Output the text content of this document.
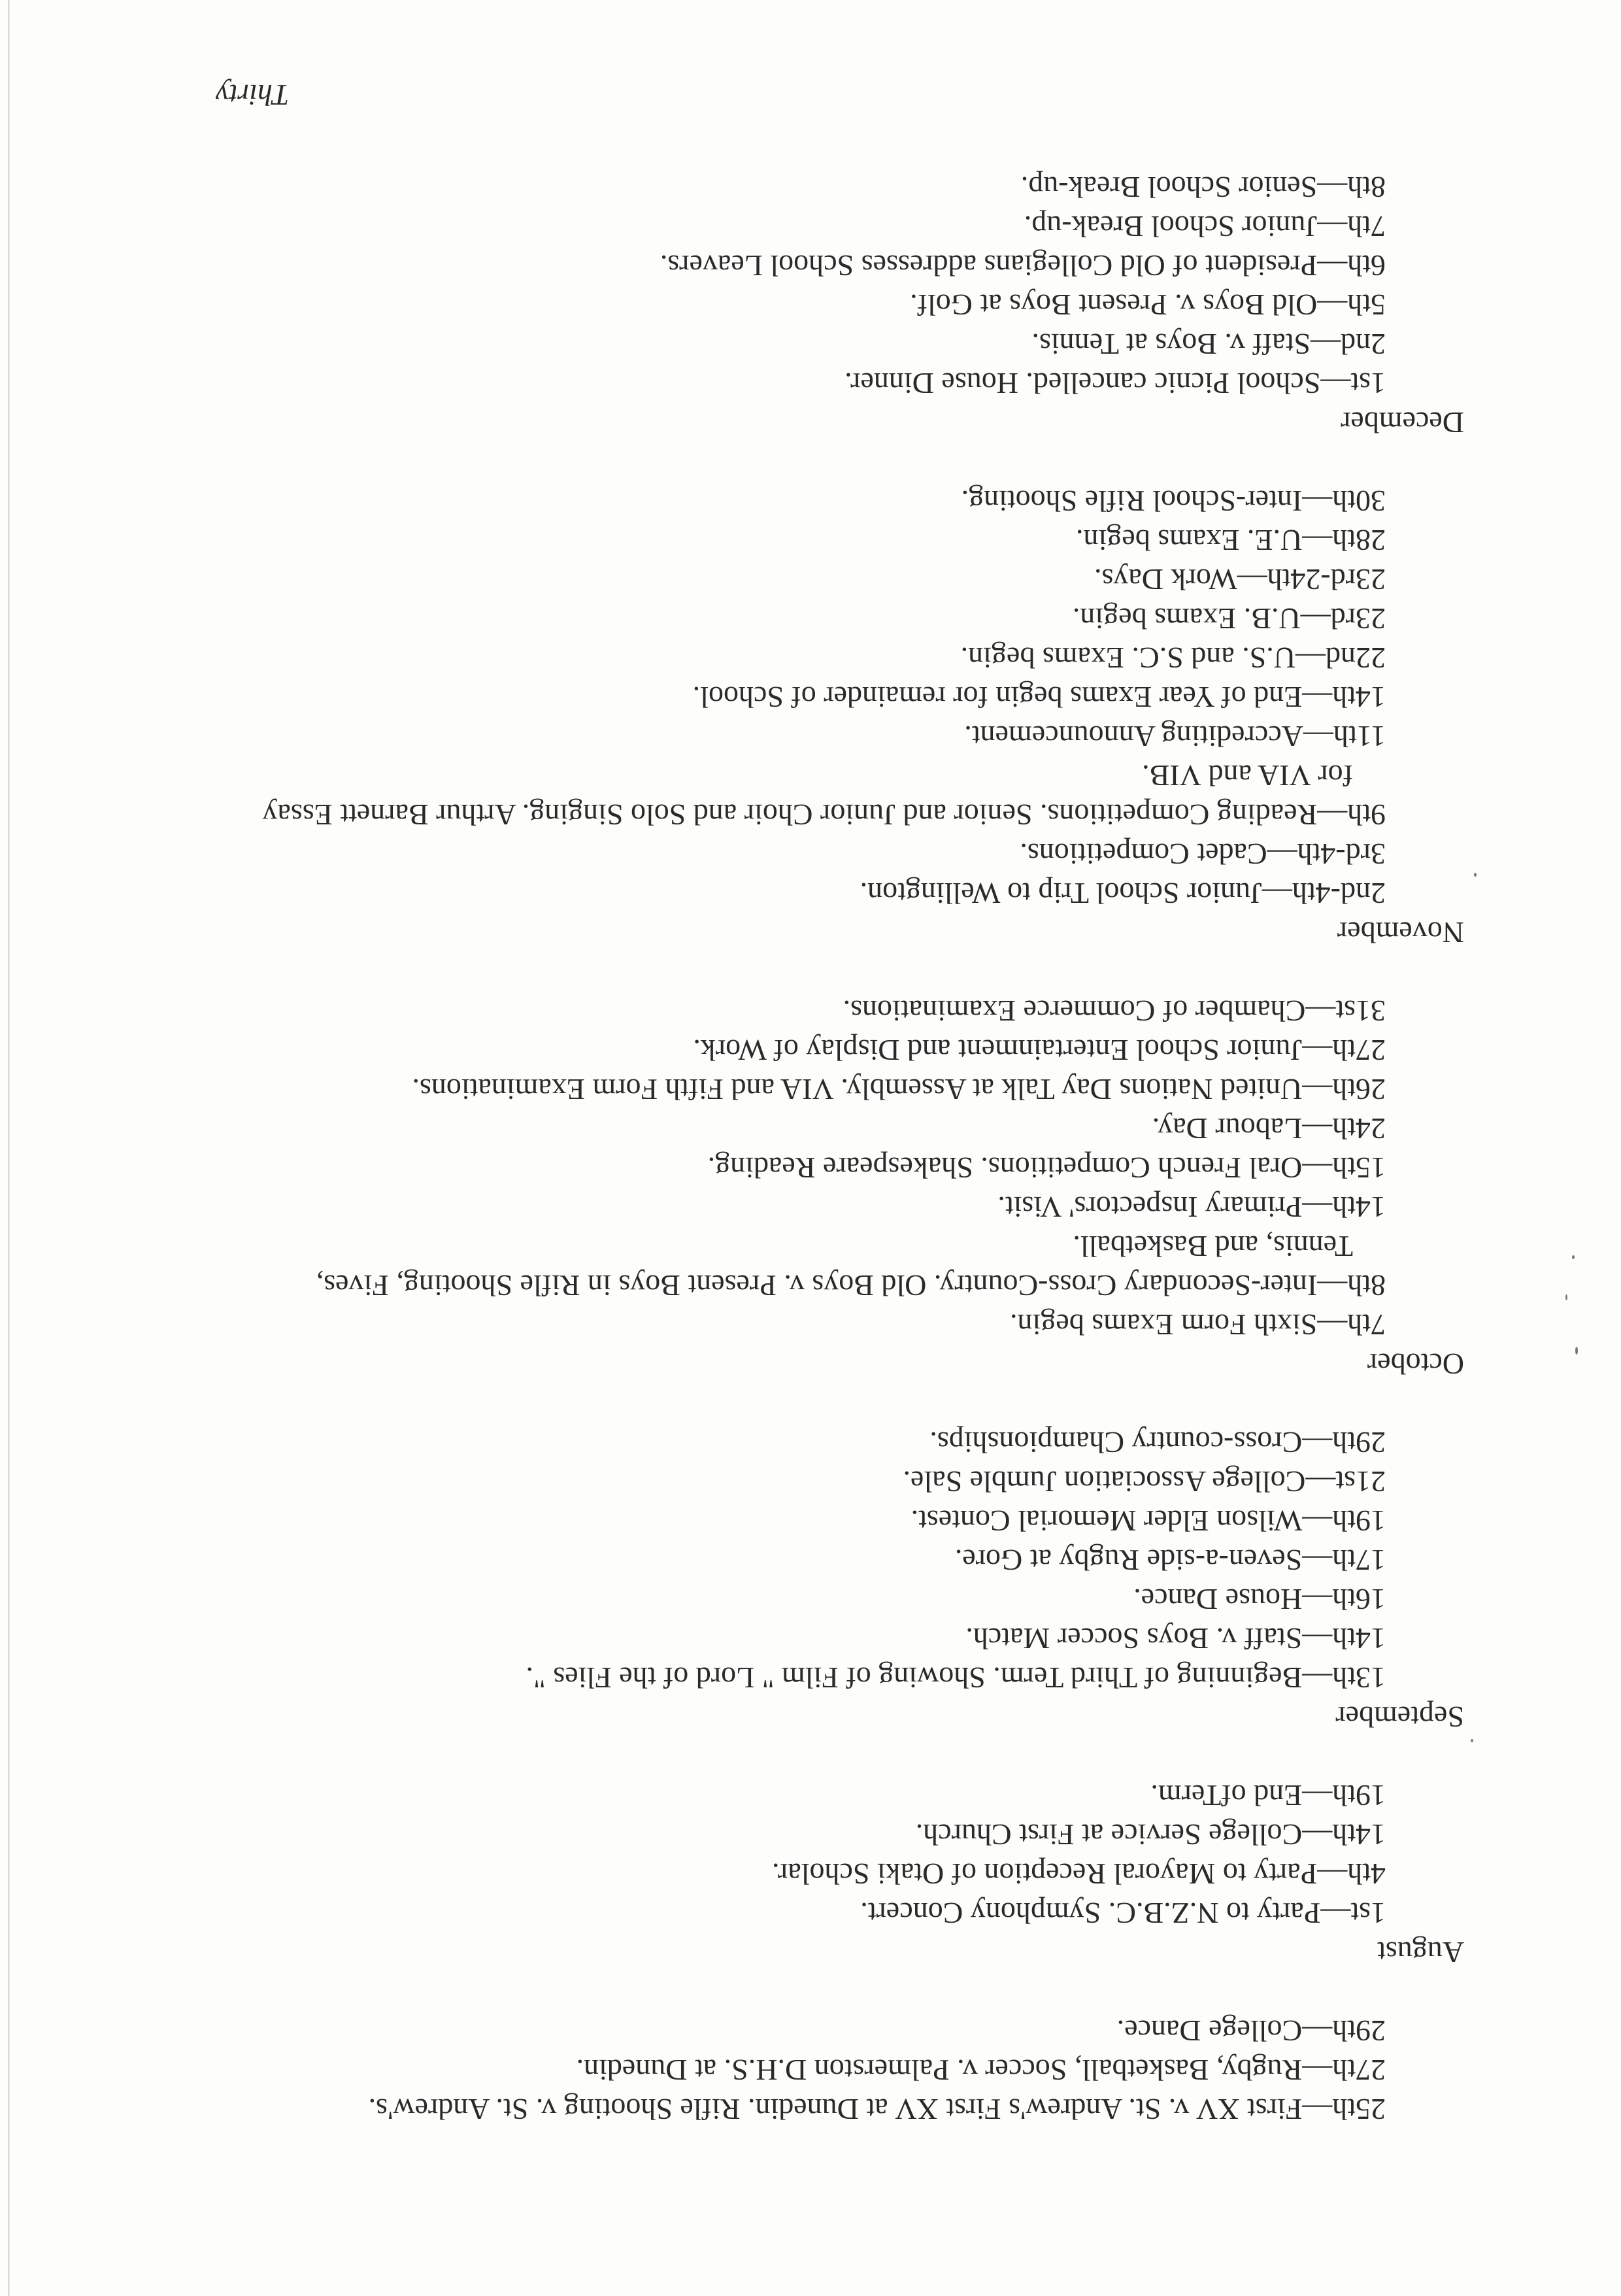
25th—First XV v. St. Andrew's First XV at Dunedin. Rifle Shooting v. St. Andrew's.

27th—Rugby, Basketball, Soccer v. Palmerston D.H.S. at Dunedin.

29th—College Dance.

August

1st—Party to N.Z.B.C. Symphony Concert.

4th—Party to Mayoral Reception of Otaki Scholar.

14th—College Service at First Church.

19th—End ofTerm.

September

13th—Beginning of Third Term. Showing of Film " Lord of the Flies ".

14th—Staff v. Boys Soccer Match.

16th—House Dance.

17th—Seven-a-side Rugby at Gore.

19th—Wilson Elder Memorial Contest.

21st—College Association Jumble Sale.

29th—Cross-country Championships.

October

7th—Sixth Form Exams begin.

8th—Inter-Secondary Cross-Country. Old Boys v. Present Boys in Rifle Shooting, Fives, Tennis, and Basketball.

14th—Primary Inspectors' Visit.

15th—Oral French Competitions. Shakespeare Reading.

24th—Labour Day.

26th—United Nations Day Talk at Assembly. VIA and Fifth Form Examinations.

27th—Junior School Entertainment and Display of Work.

31st—Chamber of Commerce Examinations.

November

2nd-4th—Junior School Trip to Wellington.

3rd-4th—Cadet Competitions.

9th—Reading Competitions. Senior and Junior Choir and Solo Singing. Arthur Barnett Essay for VIA and VIB.

11th—Accrediting Announcement.

14th—End of Year Exams begin for remainder of School.

22nd—U.S. and S.C. Exams begin.

23rd—U.B. Exams begin.

23rd-24th—Work Days.

28th—U.E. Exams begin.

30th—Inter-School Rifle Shooting.

December

1st—School Picnic cancelled. House Dinner.

2nd—Staff v. Boys at Tennis.

5th—Old Boys v. Present Boys at Golf.

6th—President of Old Collegians addresses School Leavers.

7th—Junior School Break-up.

8th—Senior School Break-up.

Thirty
